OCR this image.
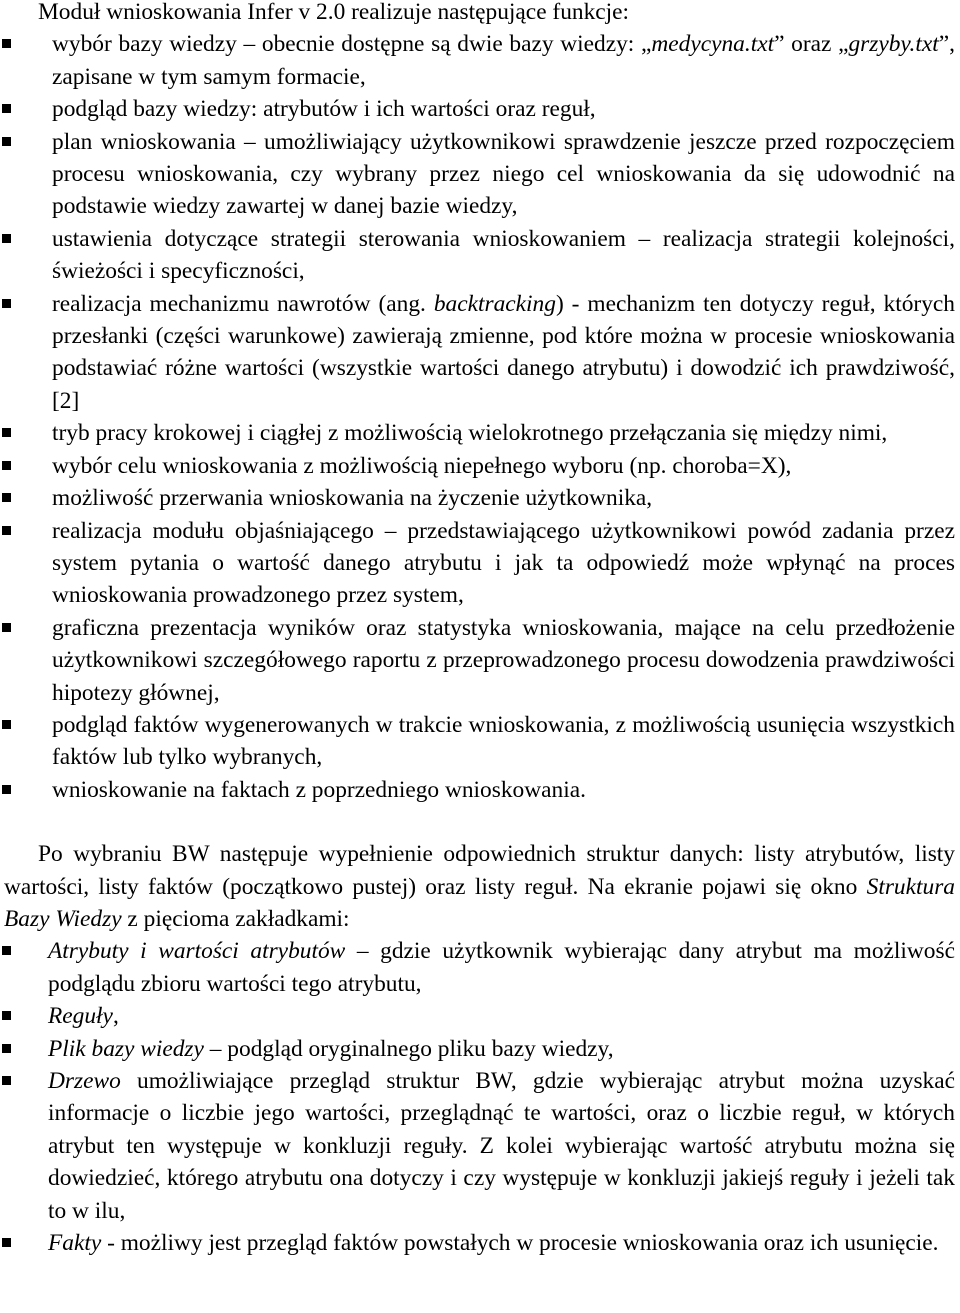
Moduł wnioskowania Infer v 2.0 realizuje następujące funkcje:
wybór bazy wiedzy – obecnie dostępne są dwie bazy wiedzy: „medycyna.txt” oraz „grzyby.txt”, zapisane w tym samym formacie,
podgląd bazy wiedzy: atrybutów i ich wartości oraz reguł,
plan wnioskowania – umożliwiający użytkownikowi sprawdzenie jeszcze przed rozpoczęciem procesu wnioskowania, czy wybrany przez niego cel wnioskowania da się udowodnić na podstawie wiedzy zawartej w danej bazie wiedzy,
ustawienia dotyczące strategii sterowania wnioskowaniem – realizacja strategii kolejności, świeżości i specyficzności,
realizacja mechanizmu nawrotów (ang. backtracking) - mechanizm ten dotyczy reguł, których przesłanki (części warunkowe) zawierają zmienne, pod które można w procesie wnioskowania podstawiać różne wartości (wszystkie wartości danego atrybutu) i dowodzić ich prawdziwość, [2]
tryb pracy krokowej i ciągłej z możliwością wielokrotnego przełączania się między nimi,
wybór celu wnioskowania z możliwością niepełnego wyboru (np. choroba=X),
możliwość przerwania wnioskowania na życzenie użytkownika,
realizacja modułu objaśniającego – przedstawiającego użytkownikowi powód zadania przez system pytania o wartość danego atrybutu i jak ta odpowiedź może wpłynąć na proces wnioskowania prowadzonego przez system,
graficzna prezentacja wyników oraz statystyka wnioskowania, mające na celu przedłożenie użytkownikowi szczegółowego raportu z przeprowadzonego procesu dowodzenia prawdziwości hipotezy głównej,
podgląd faktów wygenerowanych w trakcie wnioskowania, z możliwością usunięcia wszystkich faktów lub tylko wybranych,
wnioskowanie na faktach z poprzedniego wnioskowania.
Po wybraniu BW następuje wypełnienie odpowiednich struktur danych: listy atrybutów, listy wartości, listy faktów (początkowo pustej) oraz listy reguł. Na ekranie pojawi się okno Struktura Bazy Wiedzy z pięcioma zakładkami:
Atrybuty i wartości atrybutów – gdzie użytkownik wybierając dany atrybut ma możliwość podglądu zbioru wartości tego atrybutu,
Reguły,
Plik bazy wiedzy – podgląd oryginalnego pliku bazy wiedzy,
Drzewo umożliwiające przegląd struktur BW, gdzie wybierając atrybut można uzyskać informacje o liczbie jego wartości, przeglądnąć te wartości, oraz o liczbie reguł, w których atrybut ten występuje w konkluzji reguły. Z kolei wybierając wartość atrybutu można się dowiedzieć, którego atrybutu ona dotyczy i czy występuje w konkluzji jakiejś reguły i jeżeli tak to w ilu,
Fakty - możliwy jest przegląd faktów powstałych w procesie wnioskowania oraz ich usunięcie.
